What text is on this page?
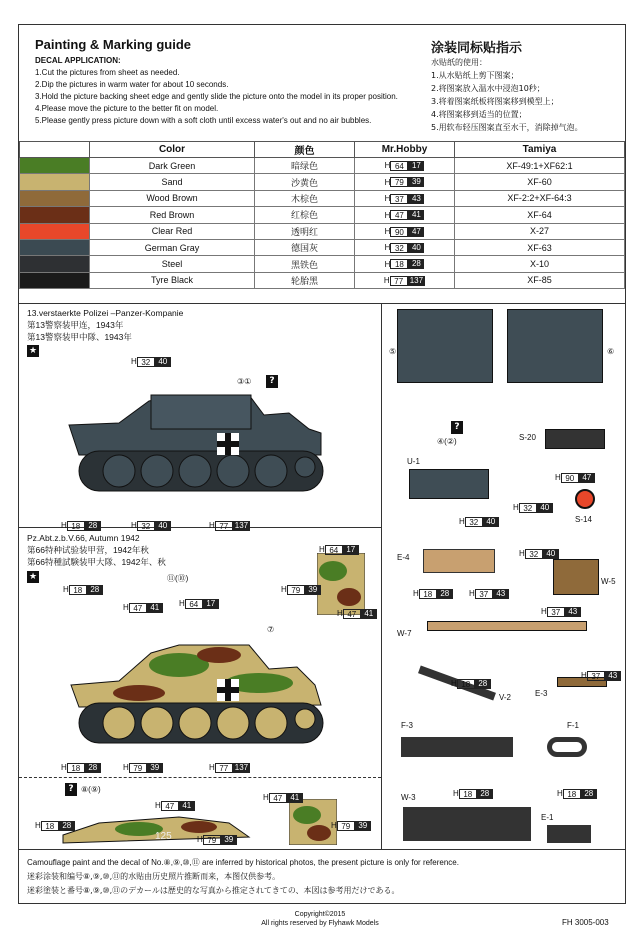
Painting & Marking guide	涂装同标贴指示
DECAL APPLICATION:
1.Cut the pictures from sheet as needed.
2.Dip the pictures in warm water for about 10 seconds.
3.Hold the picture backing sheet edge and gently slide the picture onto the model in its proper position.
4.Please move the picture to the better fit on model.
5.Please gently press picture down with a soft cloth until excess water's out and no air bubbles.
水贴纸的使用：
1.从水贴纸上剪下图案；
2.将图案放入温水中浸泡10秒；
3.将着图案纸板将图案移到模型上；
4.将图案移到适当的位置；
5.用软布轻压图案直至水干，消除掉气泡。
	Color	颜色	Mr.Hobby	Tamiya
	Dark Green	暗绿色	H 64 17	XF-49:1+XF62:1
	Sand	沙黄色	H 79 39	XF-60
	Wood Brown	木棕色	H 37 43	XF-2:2+XF-64:3
	Red Brown	红棕色	H 47 41	XF-64
	Clear Red	透明红	H 90 47	X-27
	German Gray	德国灰	H 32 40	XF-63
	Steel	黑铁色	H 18 28	X-10
	Tyre Black	轮胎黑	H 77 137	XF-85
13.verstaerkte Polizei –Panzer-Kompanie
第13警察装甲连，1943年
第13警察装甲中隊、1943年
★
H 32	40
③①	?
H 18	28	H 32	40	H 77 137
⑤	⑥
?
④(②)
U-1
H 32	40
S-20
H 90	47
H 32	40
S-14
Pz.Abt.z.b.V.66, Autumn 1942
第66特种试验装甲营，1942年秋
第66特種試験装甲大隊、1942年、秋
★	⑪(⑩)
⑦
H 18	28
H 47	41	H 64	17
H 18	28	H 79	39	H 77 137
H 64	17
H 79	39
H 47	41
? ⑧(⑨)
125
H 47	41
H 18	28
H 79	39
H 47	41
H 79	39
E-4
H 18	28	H 37	43
H 32	40
W-5
H 37	43
W-7
V-2
H 18	28
E-3
H 37	43
F-3
H 18	28
F-1
H 18	28
W-3
E-1
Camouflage paint and the decal of No.⑧,⑨,⑩,⑪ are inferred by historical photos, the present picture is only for reference.
迷彩涂装和编号⑧,⑨,⑩,⑪的水贴由历史照片推断而来，本图仅供参考。
迷彩塗装と番号⑧,⑨,⑩,⑪のデカールは歴史的な写真から推定されてきての、本図は参考用だけである。
Copyright©2015
All rights reserved by Flyhawk Models	FH 3005-003
